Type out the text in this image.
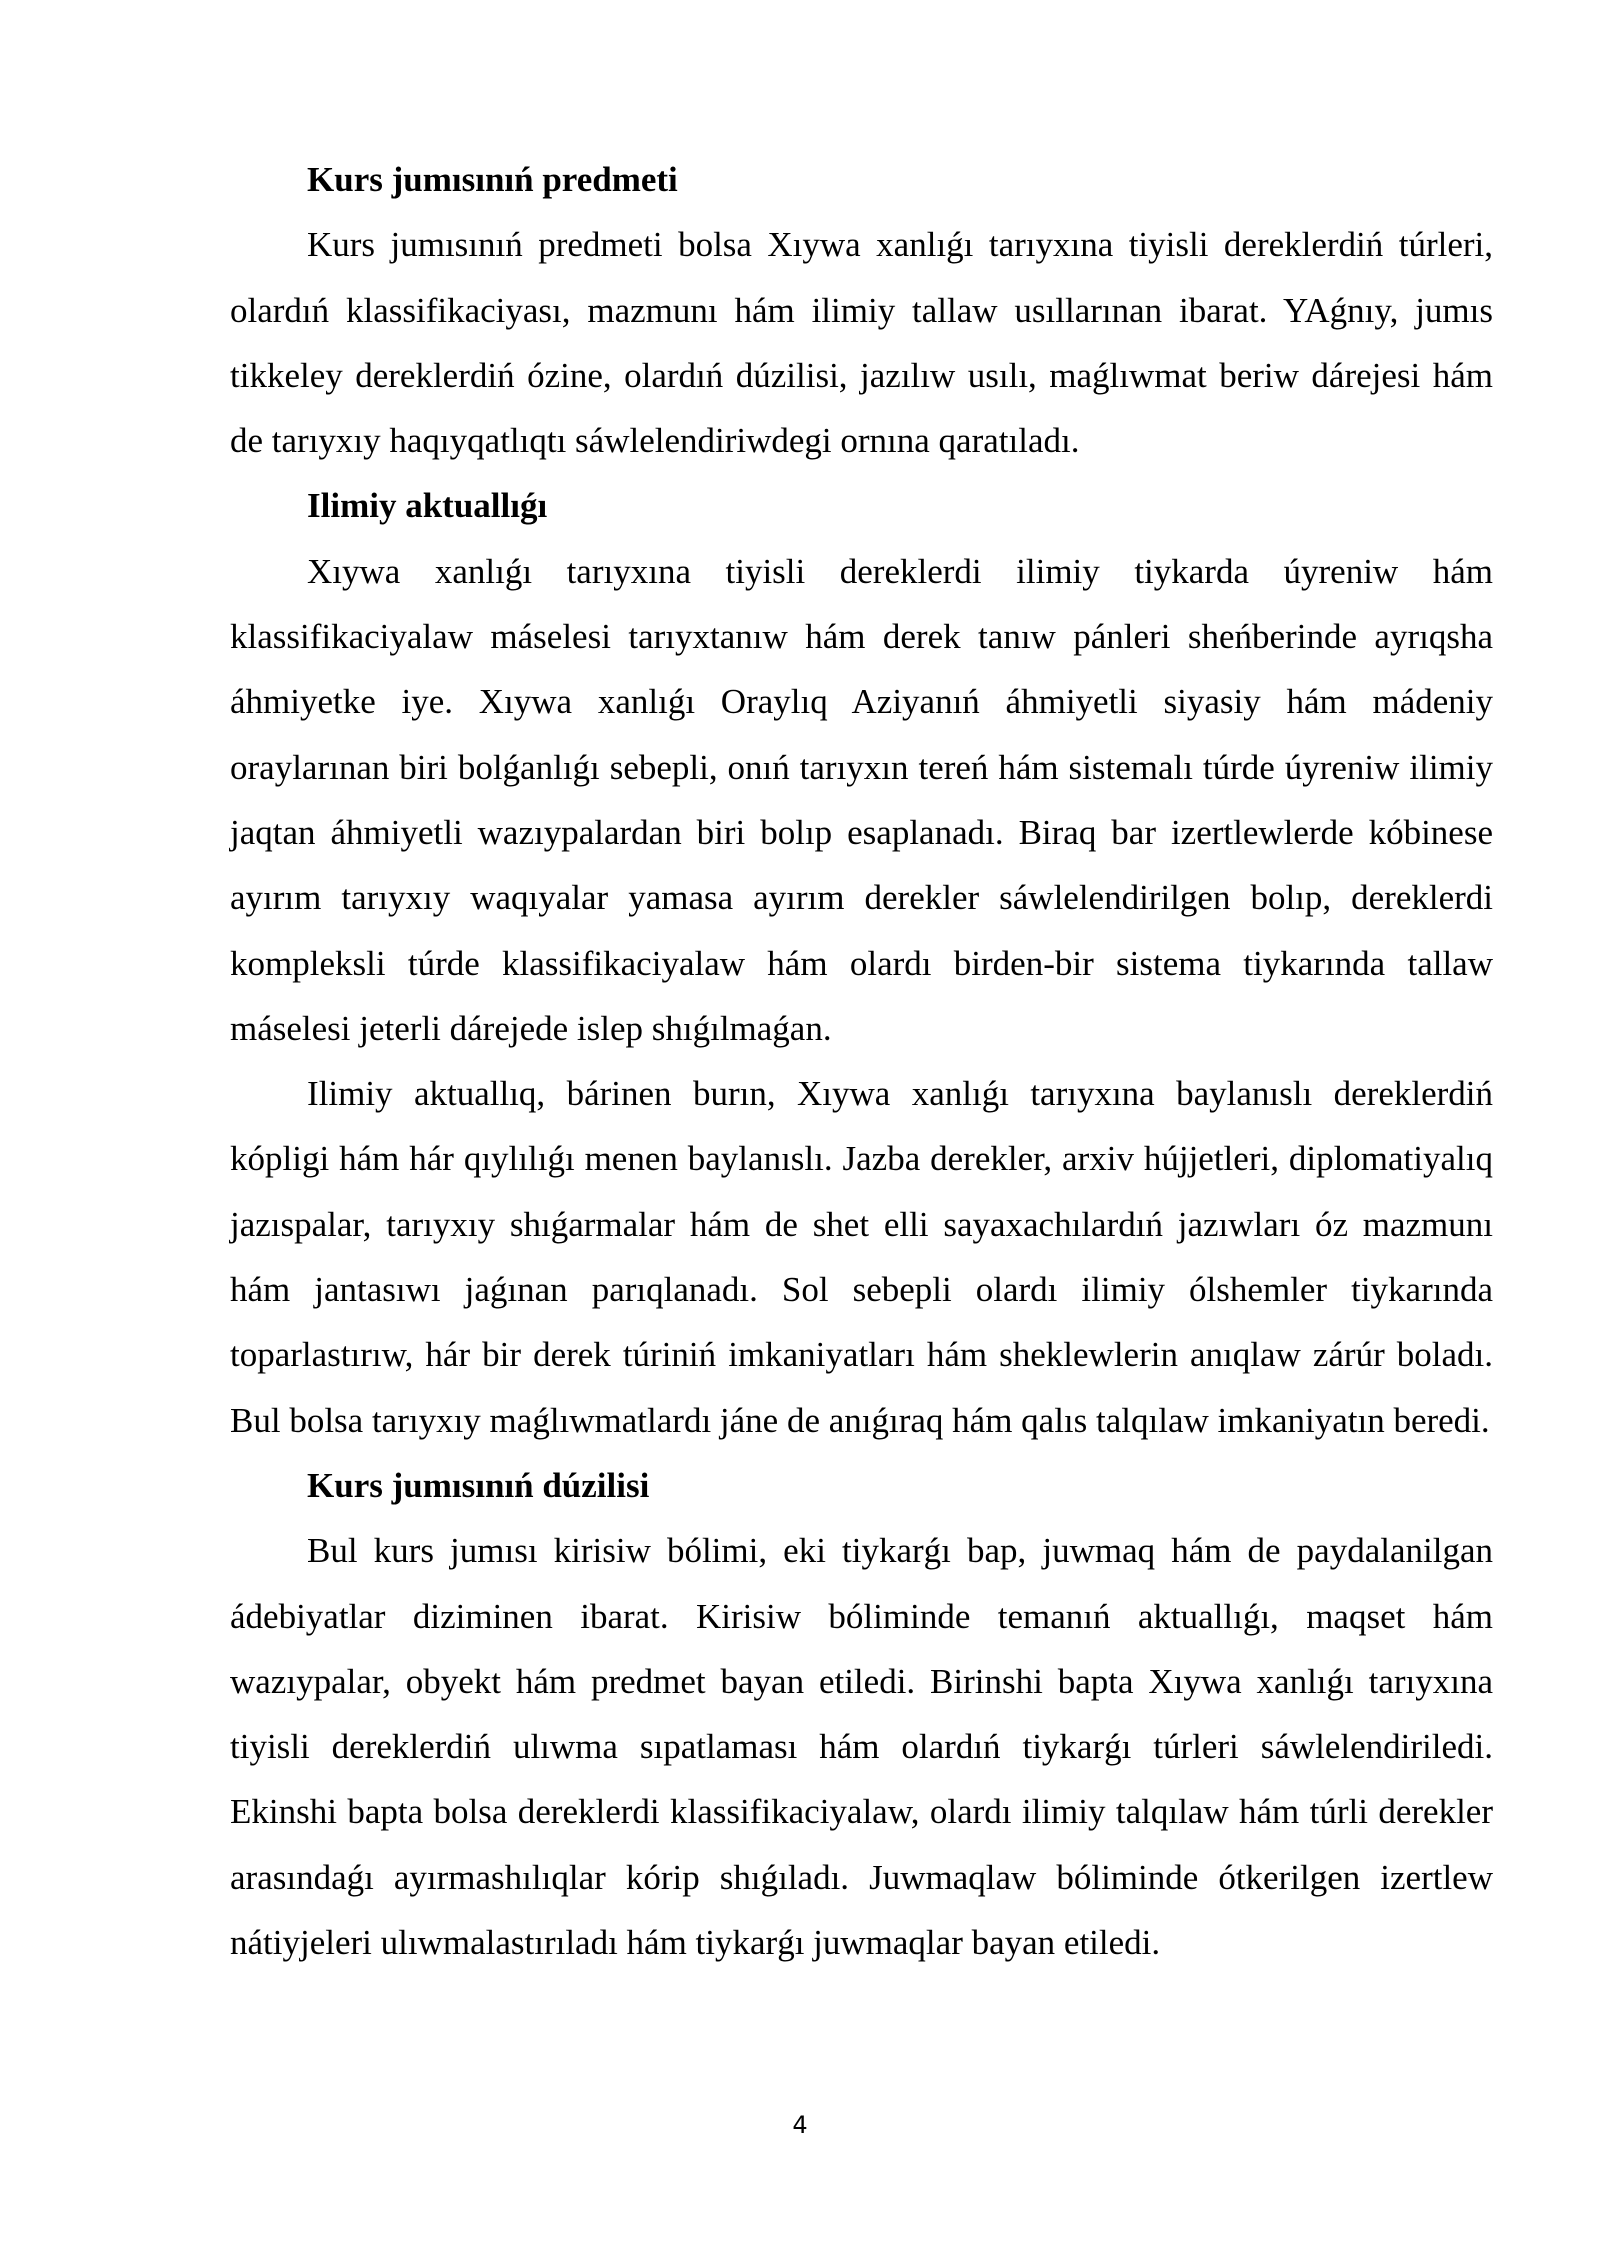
Kurs jumısınıń predmeti

Kurs jumısınıń predmeti bolsa Xıywa xanlıǵı tarıyxına tiyisli dereklerdiń túrleri, olardıń klassifikaciyası, mazmunı hám ilimiy tallaw usıllarınan ibarat. YAǵnıy, jumıs tikkeley dereklerdiń ózine, olardıń dúzilisi, jazılıw usılı, maǵlıwmat beriw dárejesi hám de tarıyxıy haqıyqatlıqtı sáwlelendiriwdegi ornına qaratıladı.

Ilimiy aktuallıǵı

Xıywa xanlıǵı tarıyxına tiyisli dereklerdi ilimiy tiykarda úyreniw hám klassifikaciyalaw máselesi tarıyxtanıw hám derek tanıw pánleri sheńberinde ayrıqsha áhmiyetke iye. Xıywa xanlıǵı Oraylıq Aziyanıń áhmiyetli siyasiy hám mádeniy oraylarınan biri bolǵanlıǵı sebepli, onıń tarıyxın tereń hám sistemalı túrde úyreniw ilimiy jaqtan áhmiyetli wazıypalardan biri bolıp esaplanadı. Biraq bar izertlewlerde kóbinese ayırım tarıyxıy waqıyalar yamasa ayırım derekler sáwlelendirilgen bolıp, dereklerdi kompleksli túrde klassifikaciyalaw hám olardı birden-bir sistema tiykarında tallaw máselesi jeterli dárejede islep shıǵılmaǵan.

Ilimiy aktuallıq, bárinen burın, Xıywa xanlıǵı tarıyxına baylanıslı dereklerdiń kópligi hám hár qıylılıǵı menen baylanıslı. Jazba derekler, arxiv hújjetleri, diplomatiyalıq jazıspalar, tarıyxıy shıǵarmalar hám de shet elli sayaxachılardıń jazıwları óz mazmunı hám jantasıwı jaǵınan parıqlanadı. Sol sebepli olardı ilimiy ólshemler tiykarında toparlastırıw, hár bir derek túriniń imkaniyatları hám sheklewlerin anıqlaw zárúr boladı. Bul bolsa tarıyxıy maǵlıwmatlardı jáne de anıǵıraq hám qalıs talqılaw imkaniyatın beredi.

Kurs jumısınıń dúzilisi

Bul kurs jumısı kirisiw bólimi, eki tiykarǵı bap, juwmaq hám de paydalanilgan ádebiyatlar diziminen ibarat. Kirisiw bóliminde temanıń aktuallıǵı, maqset hám wazıypalar, obyekt hám predmet bayan etiledi. Birinshi bapta Xıywa xanlıǵı tarıyxına tiyisli dereklerdiń ulıwma sıpatlaması hám olardıń tiykarǵı túrleri sáwlelendiriledi. Ekinshi bapta bolsa dereklerdi klassifikaciyalaw, olardı ilimiy talqılaw hám túrli derekler arasındaǵı ayırmashılıqlar kórip shıǵıladı. Juwmaqlaw bóliminde ótkerilgen izertlew nátiyjeleri ulıwmalastırıladı hám tiykarǵı juwmaqlar bayan etiledi.

4
